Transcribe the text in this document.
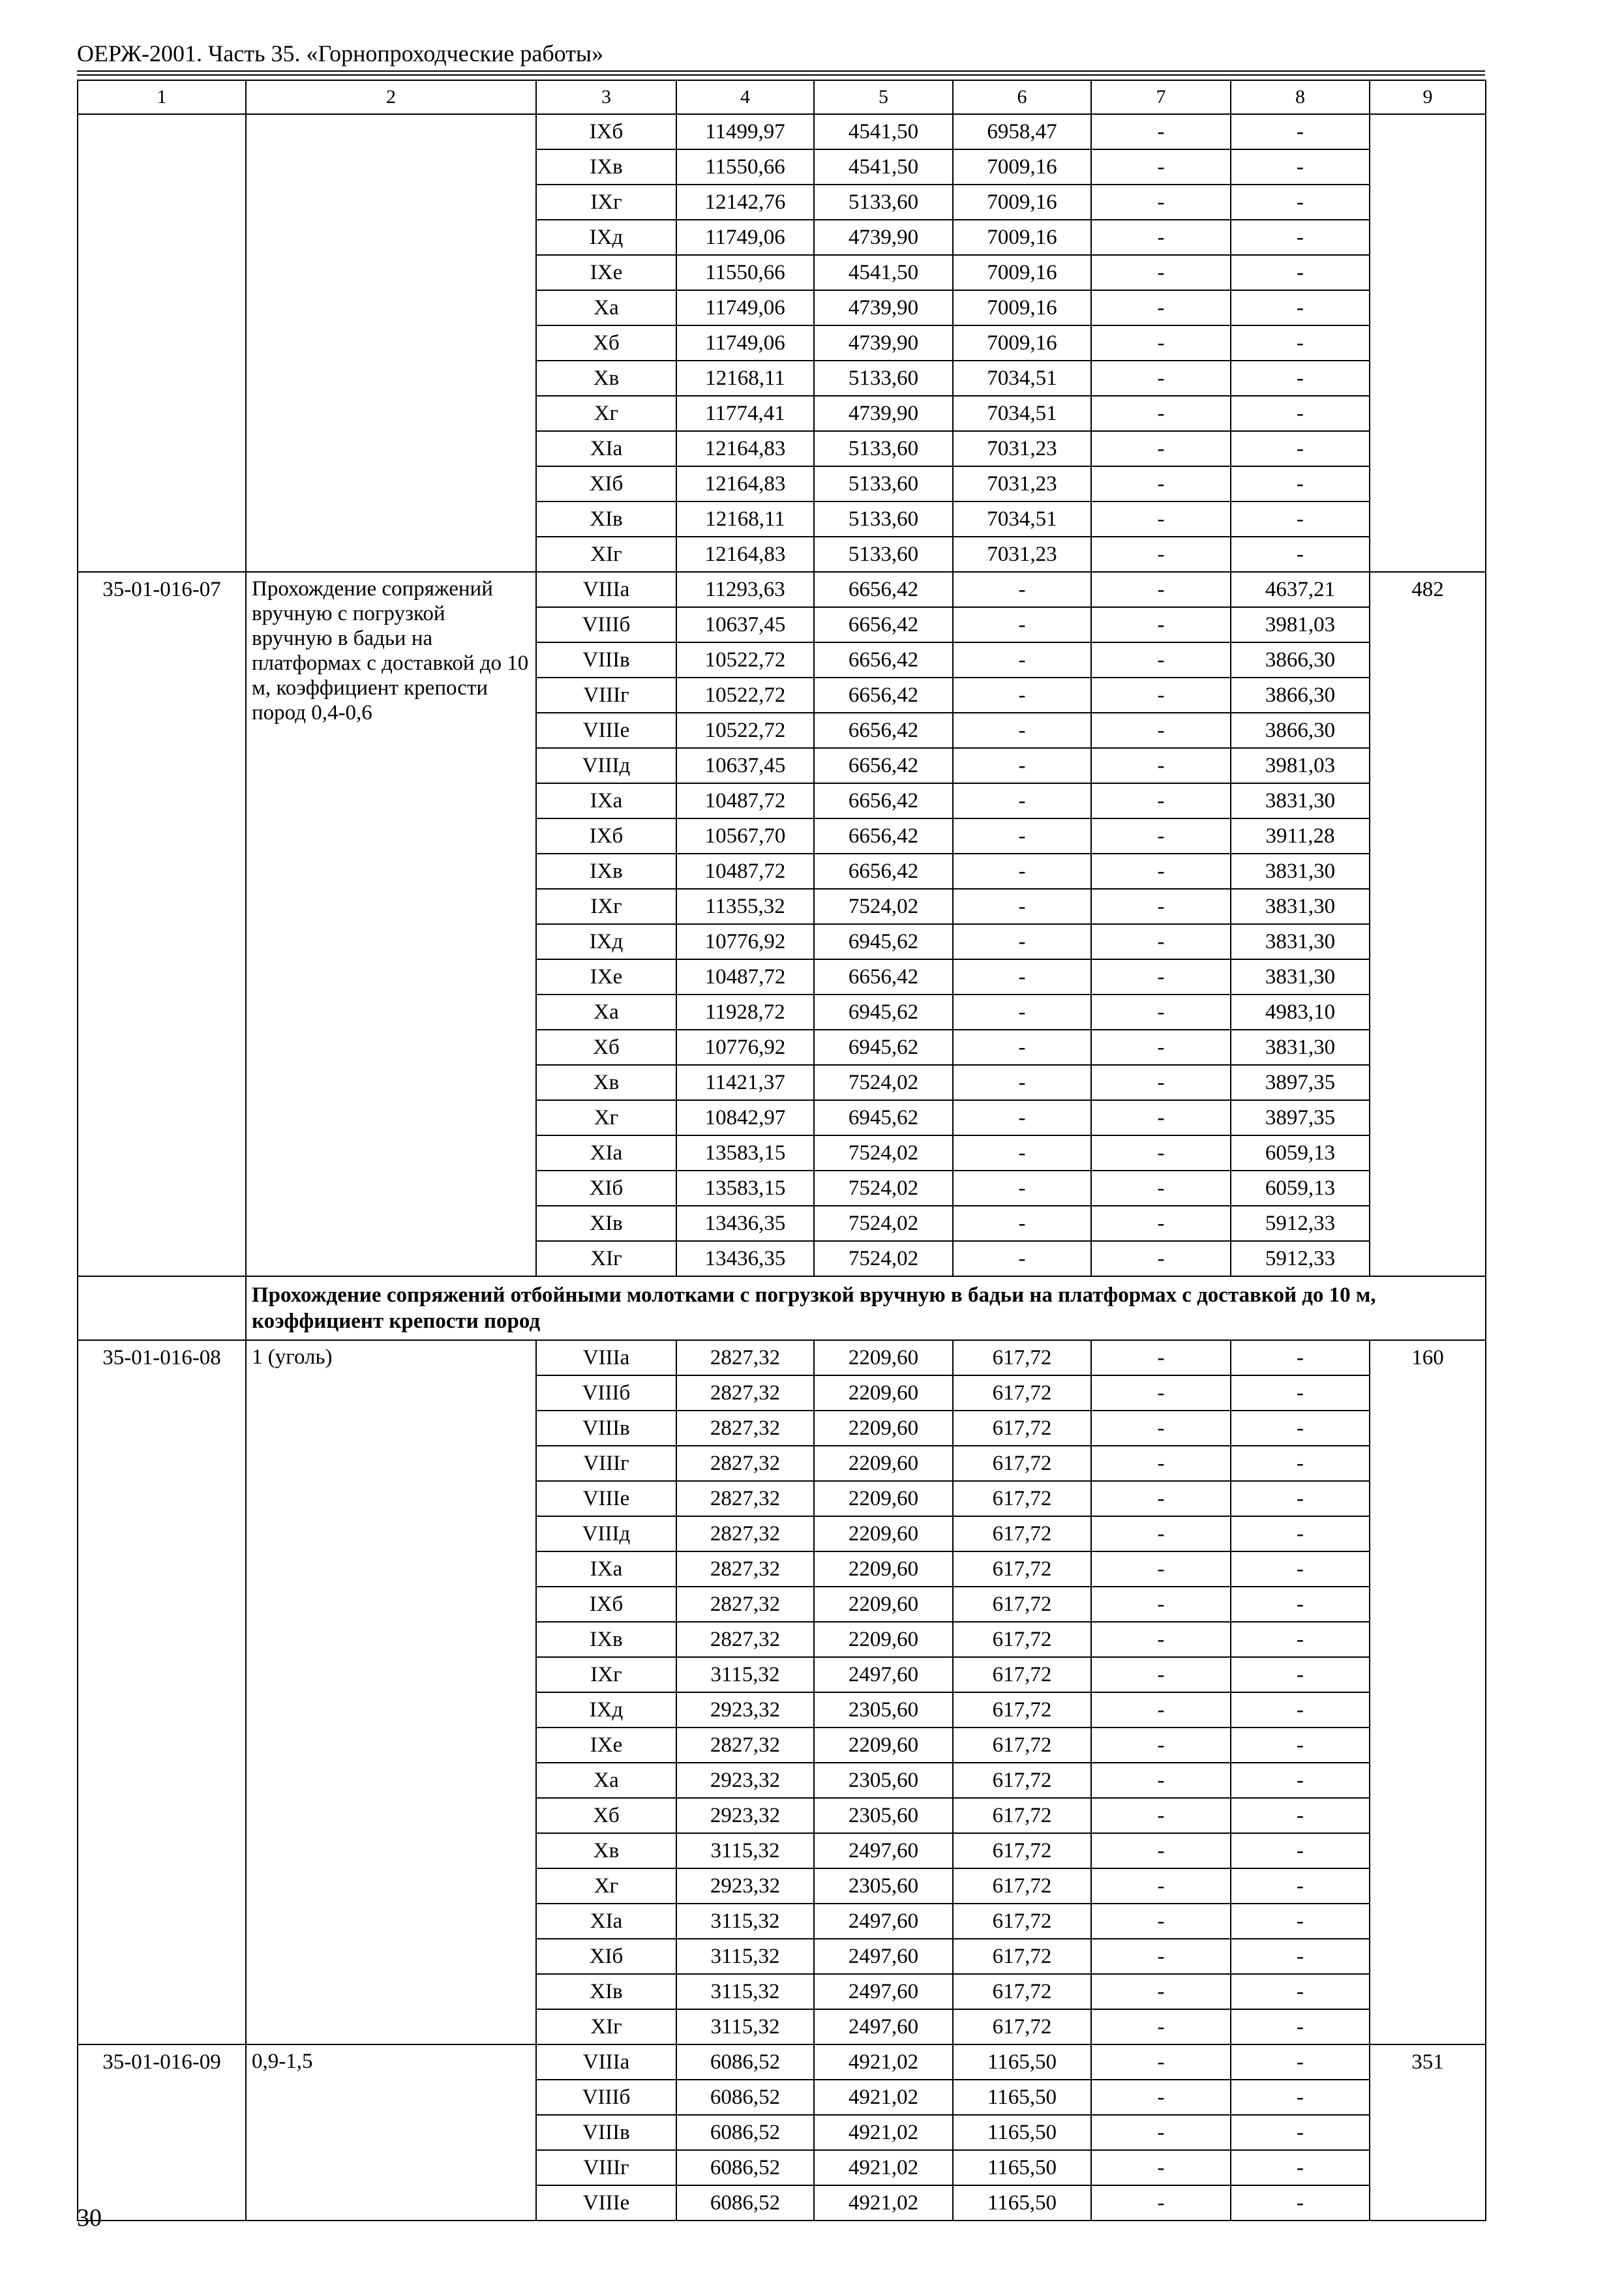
ОЕРЖ-2001. Часть 35. «Горнопроходческие работы»
1	2	3	4	5	6	7	8	9
		IXб	11499,97	4541,50	6958,47	-	-	
		IXв	11550,66	4541,50	7009,16	-	-	
		IXг	12142,76	5133,60	7009,16	-	-	
		IXд	11749,06	4739,90	7009,16	-	-	
		IXе	11550,66	4541,50	7009,16	-	-	
		Xа	11749,06	4739,90	7009,16	-	-	
		Xб	11749,06	4739,90	7009,16	-	-	
		Xв	12168,11	5133,60	7034,51	-	-	
		Xг	11774,41	4739,90	7034,51	-	-	
		XIа	12164,83	5133,60	7031,23	-	-	
		XIб	12164,83	5133,60	7031,23	-	-	
		XIв	12168,11	5133,60	7034,51	-	-	
		XIг	12164,83	5133,60	7031,23	-	-	
35-01-016-07	Прохождение сопряжений вручную с погрузкой вручную в бадьи на платформах с доставкой до 10 м, коэффициент крепости пород 0,4-0,6	VIIIа	11293,63	6656,42	-	-	4637,21	482
		VIIIб	10637,45	6656,42	-	-	3981,03	
		VIIIв	10522,72	6656,42	-	-	3866,30	
		VIIIг	10522,72	6656,42	-	-	3866,30	
		VIIIе	10522,72	6656,42	-	-	3866,30	
		VIIIд	10637,45	6656,42	-	-	3981,03	
		IXа	10487,72	6656,42	-	-	3831,30	
		IXб	10567,70	6656,42	-	-	3911,28	
		IXв	10487,72	6656,42	-	-	3831,30	
		IXг	11355,32	7524,02	-	-	3831,30	
		IXд	10776,92	6945,62	-	-	3831,30	
		IXе	10487,72	6656,42	-	-	3831,30	
		Xа	11928,72	6945,62	-	-	4983,10	
		Xб	10776,92	6945,62	-	-	3831,30	
		Xв	11421,37	7524,02	-	-	3897,35	
		Xг	10842,97	6945,62	-	-	3897,35	
		XIа	13583,15	7524,02	-	-	6059,13	
		XIб	13583,15	7524,02	-	-	6059,13	
		XIв	13436,35	7524,02	-	-	5912,33	
		XIг	13436,35	7524,02	-	-	5912,33	
	Прохождение сопряжений отбойными молотками с погрузкой вручную в бадьи на платформах с доставкой до 10 м, коэффициент крепости пород							
35-01-016-08	1 (уголь)	VIIIа	2827,32	2209,60	617,72	-	-	160
		VIIIб	2827,32	2209,60	617,72	-	-	
		VIIIв	2827,32	2209,60	617,72	-	-	
		VIIIг	2827,32	2209,60	617,72	-	-	
		VIIIе	2827,32	2209,60	617,72	-	-	
		VIIIд	2827,32	2209,60	617,72	-	-	
		IXа	2827,32	2209,60	617,72	-	-	
		IXб	2827,32	2209,60	617,72	-	-	
		IXв	2827,32	2209,60	617,72	-	-	
		IXг	3115,32	2497,60	617,72	-	-	
		IXд	2923,32	2305,60	617,72	-	-	
		IXе	2827,32	2209,60	617,72	-	-	
		Xа	2923,32	2305,60	617,72	-	-	
		Xб	2923,32	2305,60	617,72	-	-	
		Xв	3115,32	2497,60	617,72	-	-	
		Xг	2923,32	2305,60	617,72	-	-	
		XIа	3115,32	2497,60	617,72	-	-	
		XIб	3115,32	2497,60	617,72	-	-	
		XIв	3115,32	2497,60	617,72	-	-	
		XIг	3115,32	2497,60	617,72	-	-	
35-01-016-09	0,9-1,5	VIIIа	6086,52	4921,02	1165,50	-	-	351
		VIIIб	6086,52	4921,02	1165,50	-	-	
		VIIIв	6086,52	4921,02	1165,50	-	-	
		VIIIг	6086,52	4921,02	1165,50	-	-	
		VIIIе	6086,52	4921,02	1165,50	-	-	
30
